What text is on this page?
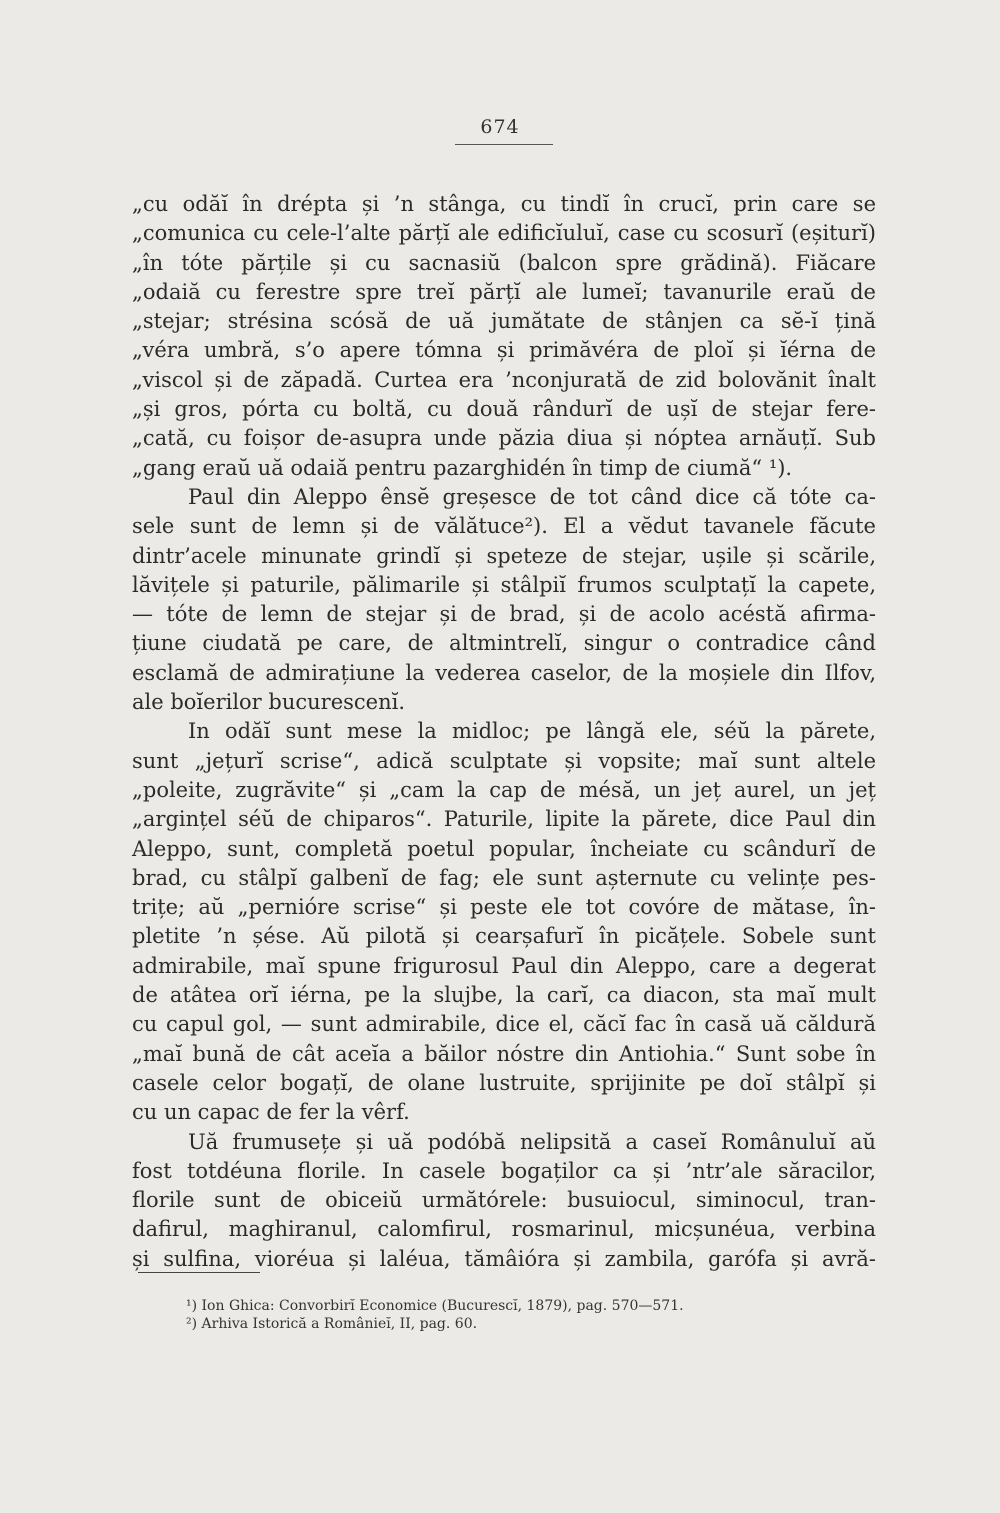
674
„cu odăĭ în drépta și ’n stânga, cu tindĭ în crucĭ, prin care se
„comunica cu cele-l’alte părțĭ ale edificĭuluĭ, case cu scosurĭ (eșiturĭ)
„în tóte părțile și cu sacnasiŭ (balcon spre grădină). Fiăcare
„odaiă cu ferestre spre treĭ părțĭ ale lumeĭ; tavanurile eraŭ de
„stejar; strésina scósă de uă jumătate de stânjen ca sĕ-ĭ țină
„véra umbră, s’o apere tómna și primăvéra de ploĭ și ĭérna de
„viscol și de zăpadă. Curtea era ’nconjurată de zid bolovănit înalt
„și gros, pórta cu boltă, cu două rândurĭ de ușĭ de stejar fere-
„cată, cu foișor de-asupra unde păzia diua și nóptea arnăuțĭ. Sub
„gang eraŭ uă odaiă pentru pazarghidén în timp de ciumă“ ¹).
Paul din Aleppo ênsĕ greșesce de tot când dice că tóte ca-
sele sunt de lemn și de vălătuce²). El a vĕdut tavanele făcute
dintr’acele minunate grindĭ și speteze de stejar, ușile și scările,
lăvițele și paturile, pălimarile și stâlpiĭ frumos sculptațĭ la capete,
— tóte de lemn de stejar și de brad, și de acolo acéstă afirma-
țiune ciudată pe care, de altmintrelĭ, singur o contradice când
esclamă de admirațiune la vederea caselor, de la moșiele din Ilfov,
ale boĭerilor bucurescenĭ.
In odăĭ sunt mese la midloc; pe lângă ele, séŭ la părete,
sunt „jețurĭ scrise“, adică sculptate și vopsite; maĭ sunt altele
„poleite, zugrăvite“ și „cam la cap de mésă, un jeț aurel, un jeț
„argințel séŭ de chiparos“. Paturile, lipite la părete, dice Paul din
Aleppo, sunt, completă poetul popular, încheiate cu scândurĭ de
brad, cu stâlpĭ galbenĭ de fag; ele sunt așternute cu velințe pes-
trițe; aŭ „perniόre scrise“ și peste ele tot covóre de mătase, în-
pletite ’n șése. Aŭ pilotă și cearșafurĭ în picățele. Sobele sunt
admirabile, maĭ spune frigurosul Paul din Aleppo, care a degerat
de atâtea orĭ iérna, pe la slujbe, la carĭ, ca diacon, sta maĭ mult
cu capul gol, — sunt admirabile, dice el, căcĭ fac în casă uă căldură
„maĭ bună de cât aceĭa a băilor nóstre din Antiohia.“ Sunt sobe în
casele celor bogațĭ, de olane lustruite, sprijinite pe doĭ stâlpĭ și
cu un capac de fer la vêrf.
Uă frumusețe și uă podóbă nelipsită a caseĭ Românuluĭ aŭ
fost totdéuna florile. In casele bogaților ca și ’ntr’ale săracilor,
florile sunt de obiceiŭ următórele: busuiocul, siminocul, tran-
dafirul, maghiranul, calomfirul, rosmarinul, micșunéua, verbina
și sulfina, vioréua și laléua, tămâióra și zambila, garófa și avră-
¹) Ion Ghica: Convorbirĭ Economice (Bucurescĭ, 1879), pag. 570—571.
²) Arhiva Istorică a Românieĭ, II, pag. 60.
